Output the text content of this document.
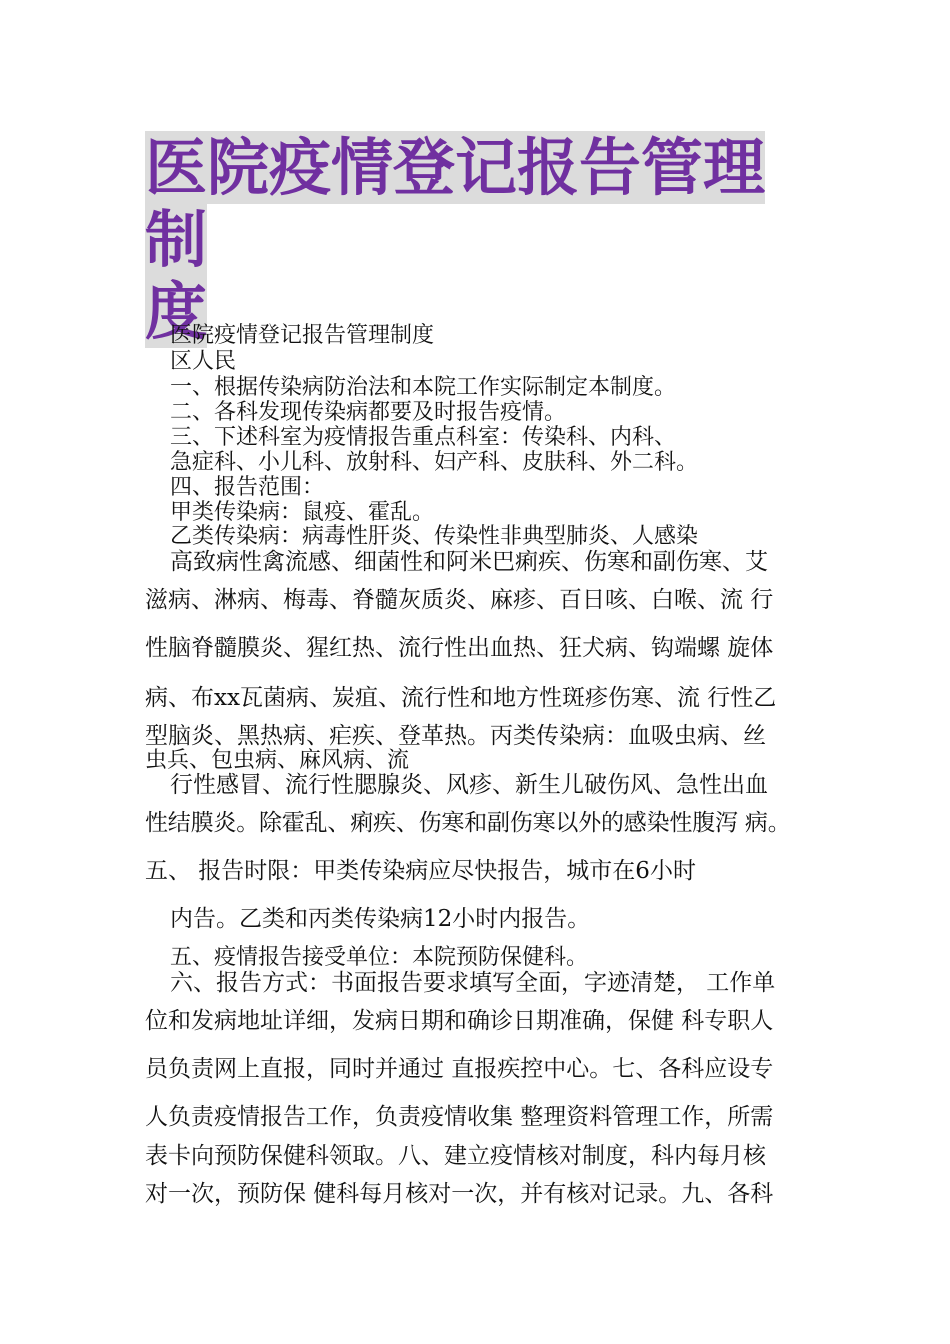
医院疫情登记报告管理制
度
医院疫情登记报告管理制度
区人民
一、根据传染病防治法和本院工作实际制定本制度。
二、各科发现传染病都要及时报告疫情。
三、下述科室为疫情报告重点科室：传染科、内科、
急症科、小儿科、放射科、妇产科、皮肤科、外二科。
四、报告范围：
甲类传染病：鼠疫、霍乱。
乙类传染病：病毒性肝炎、传染性非典型肺炎、人感染
高致病性禽流感、细菌性和阿米巴痢疾、伤寒和副伤寒、艾
滋病、淋病、梅毒、脊髓灰质炎、麻疹、百日咳、白喉、流 行
性脑脊髓膜炎、猩红热、流行性出血热、狂犬病、钩端螺 旋体
病、布xx瓦菌病、炭疽、流行性和地方性斑疹伤寒、流 行性乙
型脑炎、黑热病、疟疾、登革热。丙类传染病：血吸虫病、丝
虫兵、包虫病、麻风病、流
行性感冒、流行性腮腺炎、风疹、新生儿破伤风、急性出血
性结膜炎。除霍乱、痢疾、伤寒和副伤寒以外的感染性腹泻 病。
五、 报告时限：甲类传染病应尽快报告，城市在6小时
内告。乙类和丙类传染病12小时内报告。
五、疫情报告接受单位：本院预防保健科。
六、报告方式：书面报告要求填写全面，字迹清楚， 工作单
位和发病地址详细，发病日期和确诊日期准确，保健 科专职人
员负责网上直报，同时并通过 直报疾控中心。七、各科应设专
人负责疫情报告工作，负责疫情收集 整理资料管理工作，所需
表卡向预防保健科领取。八、建立疫情核对制度，科内每月核
对一次，预防保 健科每月核对一次，并有核对记录。九、各科
